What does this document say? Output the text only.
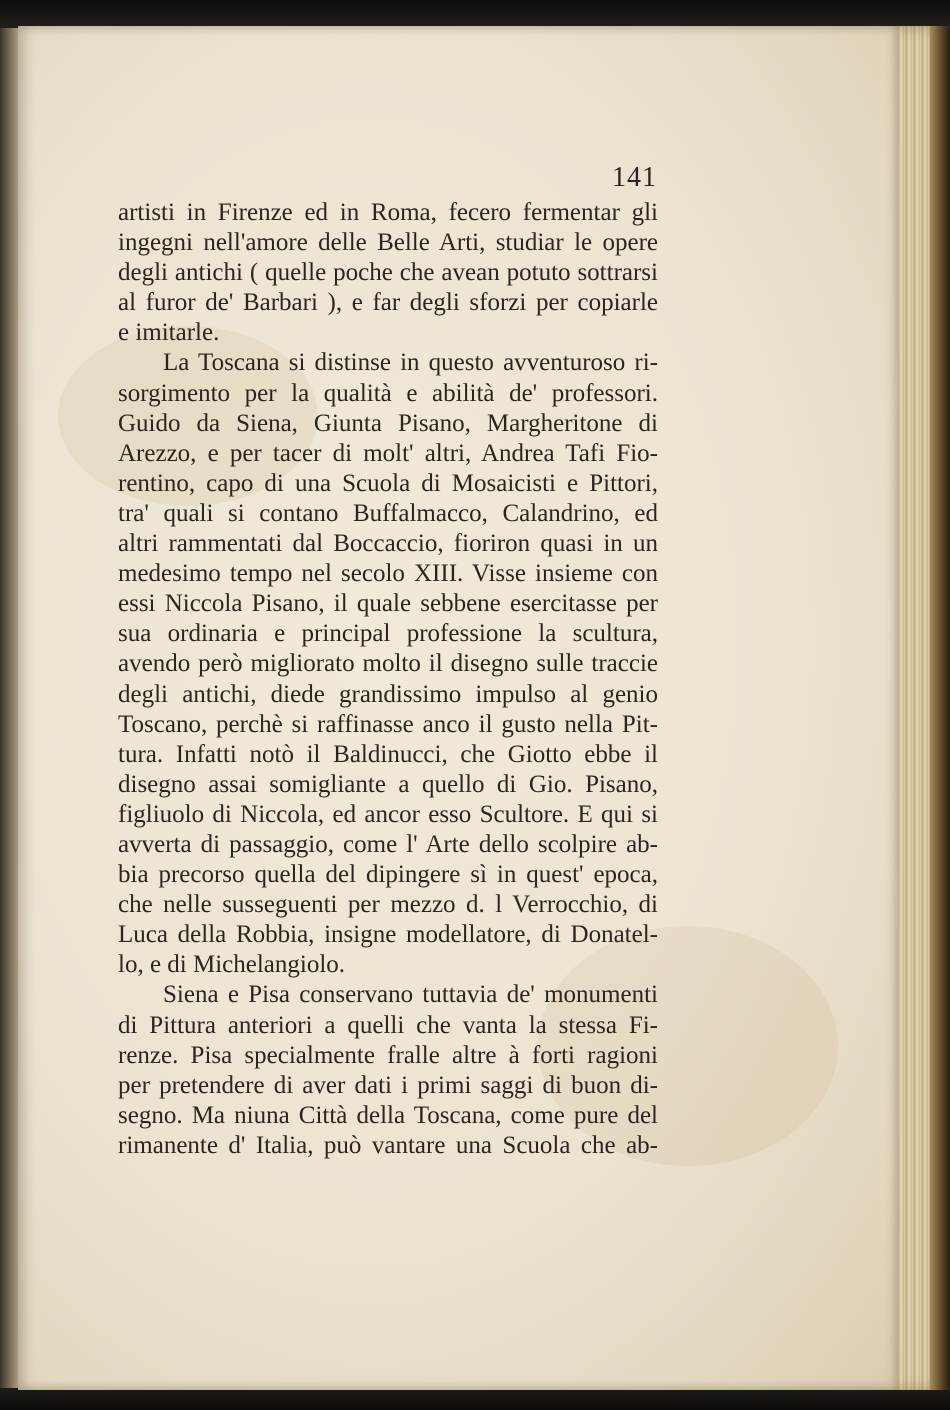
141
artisti in Firenze ed in Roma, fecero fermentar gli
ingegni nell'amore delle Belle Arti, studiar le opere
degli antichi ( quelle poche che avean potuto sottrarsi
al furor de' Barbari ), e far degli sforzi per copiarle
e imitarle.
La Toscana si distinse in questo avventuroso ri-
sorgimento per la qualità e abilità de' professori.
Guido da Siena, Giunta Pisano, Margheritone di
Arezzo, e per tacer di molt' altri, Andrea Tafi Fio-
rentino, capo di una Scuola di Mosaicisti e Pittori,
tra' quali si contano Buffalmacco, Calandrino, ed
altri rammentati dal Boccaccio, fioriron quasi in un
medesimo tempo nel secolo XIII. Visse insieme con
essi Niccola Pisano, il quale sebbene esercitasse per
sua ordinaria e principal professione la scultura,
avendo però migliorato molto il disegno sulle traccie
degli antichi, diede grandissimo impulso al genio
Toscano, perchè si raffinasse anco il gusto nella Pit-
tura. Infatti notò il Baldinucci, che Giotto ebbe il
disegno assai somigliante a quello di Gio. Pisano,
figliuolo di Niccola, ed ancor esso Scultore. E qui si
avverta di passaggio, come l' Arte dello scolpire ab-
bia precorso quella del dipingere sì in quest' epoca,
che nelle susseguenti per mezzo d. l Verrocchio, di
Luca della Robbia, insigne modellatore, di Donatel-
lo, e di Michelangiolo.
Siena e Pisa conservano tuttavia de' monumenti
di Pittura anteriori a quelli che vanta la stessa Fi-
renze. Pisa specialmente fralle altre à forti ragioni
per pretendere di aver dati i primi saggi di buon di-
segno. Ma niuna Città della Toscana, come pure del
rimanente d' Italia, può vantare una Scuola che ab-
